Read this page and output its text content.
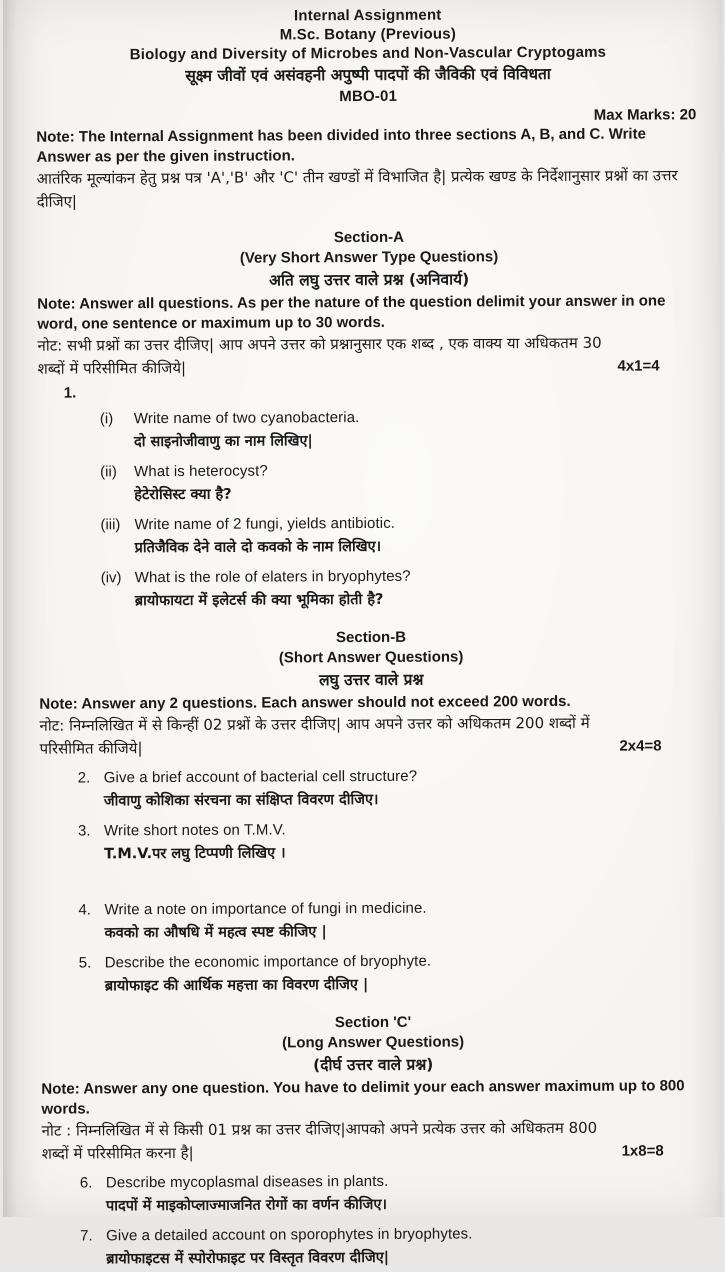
Internal Assignment
M.Sc. Botany (Previous)
Biology and Diversity of Microbes and Non-Vascular Cryptogams
सूक्ष्म जीवों एवं असंवहनी अपुष्पी पादपों की जैविकी एवं विविधता
MBO-01
Max Marks: 20
Note: The Internal Assignment has been divided into three sections A, B, and C. Write Answer as per the given instruction.
आतंरिक मूल्यांकन हेतु प्रश्न पत्र 'A','B' और 'C' तीन खण्डों में विभाजित है| प्रत्येक खण्ड के निर्देशानुसार प्रश्नों का उत्तर दीजिए|
Section-A
(Very Short Answer Type Questions)
अति लघु उत्तर वाले प्रश्न (अनिवार्य)
Note: Answer all questions. As per the nature of the question delimit your answer in one word, one sentence or maximum up to 30 words.
नोट: सभी प्रश्नों का उत्तर दीजिए| आप अपने उत्तर को प्रश्नानुसार एक शब्द , एक वाक्य या अधिकतम 30 शब्दों में परिसीमित कीजिये|	4x1=4
1.
(i)	Write name of two cyanobacteria.
दो साइनोजीवाणु का नाम लिखिए|
(ii)	What is heterocyst?
हेटेरोसिस्ट क्या है?
(iii) Write name of 2 fungi, yields antibiotic.
प्रतिजैविक देने वाले दो कवको के नाम लिखिए।
(iv) What is the role of elaters in bryophytes?
ब्रायोफायटा में इलेटर्स की क्या भूमिका होती है?
Section-B
(Short Answer Questions)
लघु उत्तर वाले प्रश्न
Note: Answer any 2 questions. Each answer should not exceed 200 words.
नोट: निम्नलिखित में से किन्हीं 02 प्रश्नों के उत्तर दीजिए| आप अपने उत्तर को अधिकतम 200 शब्दों में परिसीमित कीजिये|	2x4=8
2. Give a brief account of bacterial cell structure?
जीवाणु कोशिका संरचना का संक्षिप्त विवरण दीजिए।
3. Write short notes on T.M.V.
T.M.V.पर लघु टिप्पणी लिखिए ।
4. Write a note on importance of fungi in medicine.
कवको का औषधि में महत्व स्पष्ट कीजिए |
5. Describe the economic importance of bryophyte.
ब्रायोफाइट की आर्थिक महत्ता का विवरण दीजिए |
Section 'C'
(Long Answer Questions)
(दीर्घ उत्तर वाले प्रश्न)
Note: Answer any one question. You have to delimit your each answer maximum up to 800 words.
नोट : निम्नलिखित में से किसी 01 प्रश्न का उत्तर दीजिए|आपको अपने प्रत्येक उत्तर को अधिकतम 800 शब्दों में परिसीमित करना है|	1x8=8
6. Describe mycoplasmal diseases in plants.
पादपों में माइकोप्लाज्माजनित रोगों का वर्णन कीजिए।
7. Give a detailed account on sporophytes in bryophytes.
ब्रायोफाइटस में स्पोरोफाइट पर विस्तृत विवरण दीजिए|
